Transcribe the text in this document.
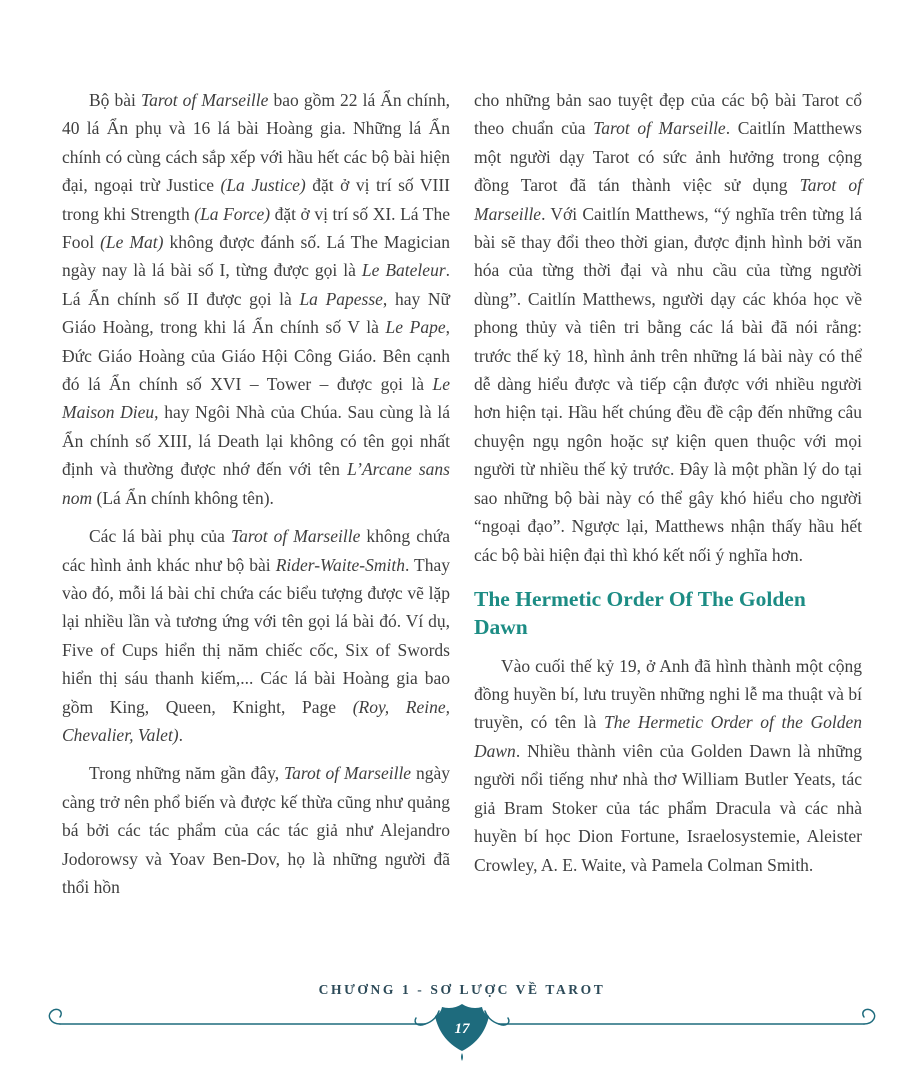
Bộ bài Tarot of Marseille bao gồm 22 lá Ẩn chính, 40 lá Ẩn phụ và 16 lá bài Hoàng gia. Những lá Ẩn chính có cùng cách sắp xếp với hầu hết các bộ bài hiện đại, ngoại trừ Justice (La Justice) đặt ở vị trí số VIII trong khi Strength (La Force) đặt ở vị trí số XI. Lá The Fool (Le Mat) không được đánh số. Lá The Magician ngày nay là lá bài số I, từng được gọi là Le Bateleur. Lá Ẩn chính số II được gọi là La Papesse, hay Nữ Giáo Hoàng, trong khi lá Ẩn chính số V là Le Pape, Đức Giáo Hoàng của Giáo Hội Công Giáo. Bên cạnh đó lá Ẩn chính số XVI – Tower – được gọi là Le Maison Dieu, hay Ngôi Nhà của Chúa. Sau cùng là lá Ẩn chính số XIII, lá Death lại không có tên gọi nhất định và thường được nhớ đến với tên L’Arcane sans nom (Lá Ẩn chính không tên).

Các lá bài phụ của Tarot of Marseille không chứa các hình ảnh khác như bộ bài Rider-Waite-Smith. Thay vào đó, mỗi lá bài chỉ chứa các biểu tượng được vẽ lặp lại nhiều lần và tương ứng với tên gọi lá bài đó. Ví dụ, Five of Cups hiển thị năm chiếc cốc, Six of Swords hiển thị sáu thanh kiếm,... Các lá bài Hoàng gia bao gồm King, Queen, Knight, Page (Roy, Reine, Chevalier, Valet).

Trong những năm gần đây, Tarot of Marseille ngày càng trở nên phổ biến và được kế thừa cũng như quảng bá bởi các tác phẩm của các tác giả như Alejandro Jodorowsy và Yoav Ben-Dov, họ là những người đã thổi hồn

cho những bản sao tuyệt đẹp của các bộ bài Tarot cổ theo chuẩn của Tarot of Marseille. Caitlín Matthews một người dạy Tarot có sức ảnh hưởng trong cộng đồng Tarot đã tán thành việc sử dụng Tarot of Marseille. Với Caitlín Matthews, “ý nghĩa trên từng lá bài sẽ thay đổi theo thời gian, được định hình bởi văn hóa của từng thời đại và nhu cầu của từng người dùng”. Caitlín Matthews, người dạy các khóa học về phong thủy và tiên tri bằng các lá bài đã nói rằng: trước thế kỷ 18, hình ảnh trên những lá bài này có thể dễ dàng hiểu được và tiếp cận được với nhiều người hơn hiện tại. Hầu hết chúng đều đề cập đến những câu chuyện ngụ ngôn hoặc sự kiện quen thuộc với mọi người từ nhiều thế kỷ trước. Đây là một phần lý do tại sao những bộ bài này có thể gây khó hiểu cho người “ngoại đạo”. Ngược lại, Matthews nhận thấy hầu hết các bộ bài hiện đại thì khó kết nối ý nghĩa hơn.

The Hermetic Order Of The Golden Dawn

Vào cuối thế kỷ 19, ở Anh đã hình thành một cộng đồng huyền bí, lưu truyền những nghi lễ ma thuật và bí truyền, có tên là The Hermetic Order of the Golden Dawn. Nhiều thành viên của Golden Dawn là những người nổi tiếng như nhà thơ William Butler Yeats, tác giả Bram Stoker của tác phẩm Dracula và các nhà huyền bí học Dion Fortune, Israelosystemie, Aleister Crowley, A. E. Waite, và Pamela Colman Smith.

CHƯƠNG 1 - SƠ LƯỢC VỀ TAROT
17
